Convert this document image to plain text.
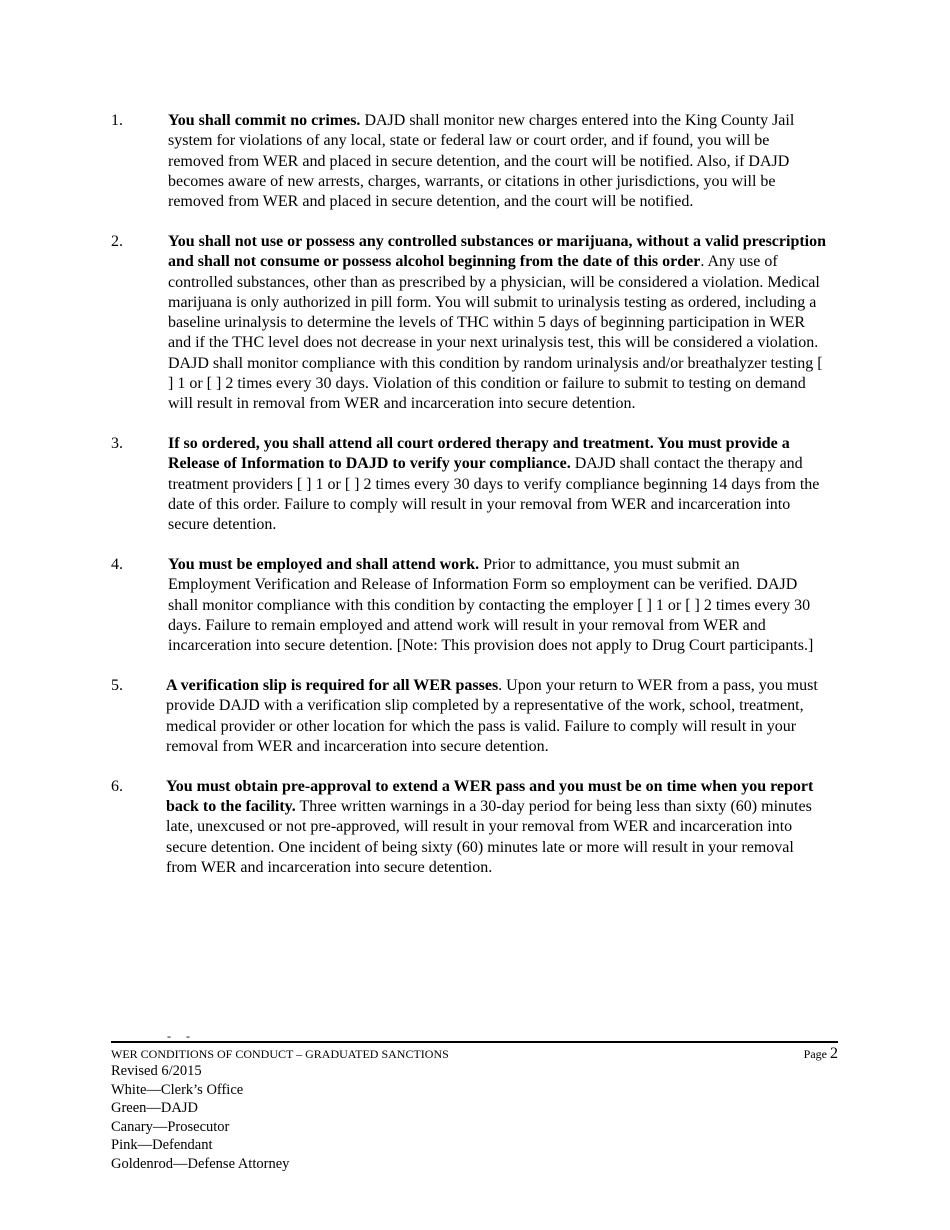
1.	You shall commit no crimes. DAJD shall monitor new charges entered into the King County Jail system for violations of any local, state or federal law or court order, and if found, you will be removed from WER and placed in secure detention, and the court will be notified. Also, if DAJD becomes aware of new arrests, charges, warrants, or citations in other jurisdictions, you will be removed from WER and placed in secure detention, and the court will be notified.
2.	You shall not use or possess any controlled substances or marijuana, without a valid prescription and shall not consume or possess alcohol beginning from the date of this order. Any use of controlled substances, other than as prescribed by a physician, will be considered a violation. Medical marijuana is only authorized in pill form. You will submit to urinalysis testing as ordered, including a baseline urinalysis to determine the levels of THC within 5 days of beginning participation in WER and if the THC level does not decrease in your next urinalysis test, this will be considered a violation. DAJD shall monitor compliance with this condition by random urinalysis and/or breathalyzer testing [ ] 1 or [ ] 2 times every 30 days. Violation of this condition or failure to submit to testing on demand will result in removal from WER and incarceration into secure detention.
3.	If so ordered, you shall attend all court ordered therapy and treatment. You must provide a Release of Information to DAJD to verify your compliance. DAJD shall contact the therapy and treatment providers [ ] 1 or [ ] 2 times every 30 days to verify compliance beginning 14 days from the date of this order. Failure to comply will result in your removal from WER and incarceration into secure detention.
4.	You must be employed and shall attend work. Prior to admittance, you must submit an Employment Verification and Release of Information Form so employment can be verified. DAJD shall monitor compliance with this condition by contacting the employer [ ] 1 or [ ] 2 times every 30 days. Failure to remain employed and attend work will result in your removal from WER and incarceration into secure detention. [Note: This provision does not apply to Drug Court participants.]
5.	A verification slip is required for all WER passes. Upon your return to WER from a pass, you must provide DAJD with a verification slip completed by a representative of the work, school, treatment, medical provider or other location for which the pass is valid. Failure to comply will result in your removal from WER and incarceration into secure detention.
6.	You must obtain pre-approval to extend a WER pass and you must be on time when you report back to the facility. Three written warnings in a 30-day period for being less than sixty (60) minutes late, unexcused or not pre-approved, will result in your removal from WER and incarceration into secure detention. One incident of being sixty (60) minutes late or more will result in your removal from WER and incarceration into secure detention.
- -
WER CONDITIONS OF CONDUCT – GRADUATED SANCTIONS	Page 2
Revised 6/2015
White—Clerk’s Office
Green—DAJD
Canary—Prosecutor
Pink—Defendant
Goldenrod—Defense Attorney
